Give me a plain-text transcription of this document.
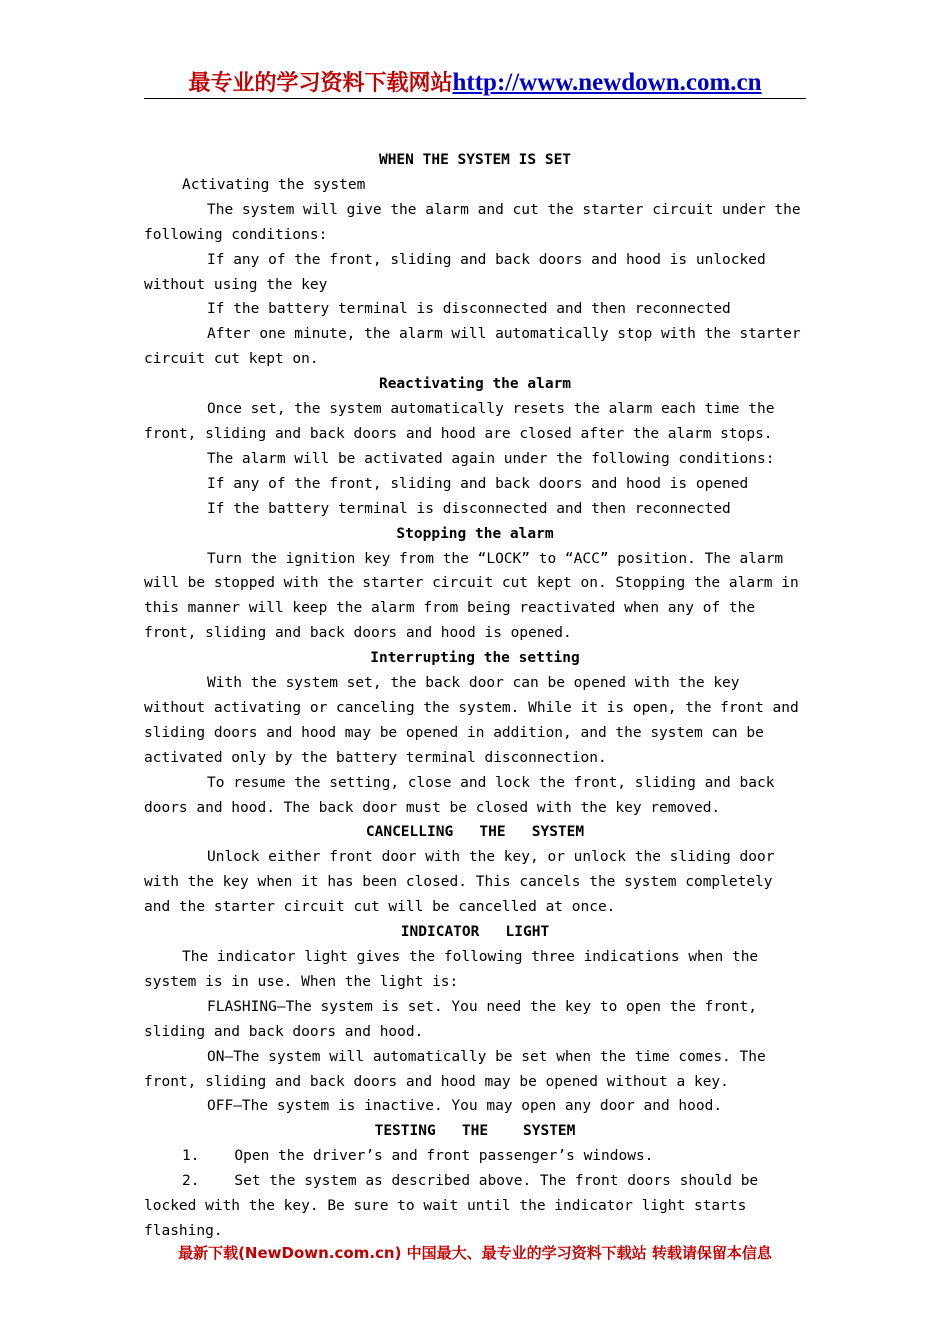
最专业的学习资料下载网站http://www.newdown.com.cn

WHEN THE SYSTEM IS SET

Activating the system

The system will give the alarm and cut the starter circuit under the following conditions:

If any of the front, sliding and back doors and hood is unlocked without using the key

If the battery terminal is disconnected and then reconnected

After one minute, the alarm will automatically stop with the starter circuit cut kept on.

Reactivating the alarm

Once set, the system automatically resets the alarm each time the front, sliding and back doors and hood are closed after the alarm stops.

The alarm will be activated again under the following conditions:

If any of the front, sliding and back doors and hood is opened

If the battery terminal is disconnected and then reconnected

Stopping the alarm

Turn the ignition key from the “LOCK” to “ACC” position. The alarm will be stopped with the starter circuit cut kept on. Stopping the alarm in this manner will keep the alarm from being reactivated when any of the front, sliding and back doors and hood is opened.

Interrupting the setting

With the system set, the back door can be opened with the key without activating or canceling the system. While it is open, the front and sliding doors and hood may be opened in addition, and the system can be activated only by the battery terminal disconnection.

To resume the setting, close and lock the front, sliding and back doors and hood. The back door must be closed with the key removed.

CANCELLING   THE   SYSTEM

Unlock either front door with the key, or unlock the sliding door with the key when it has been closed. This cancels the system completely and the starter circuit cut will be cancelled at once.

INDICATOR   LIGHT

The indicator light gives the following three indications when the system is in use. When the light is:

FLASHING—The system is set. You need the key to open the front, sliding and back doors and hood.

ON—The system will automatically be set when the time comes. The front, sliding and back doors and hood may be opened without a key.

OFF—The system is inactive. You may open any door and hood.

TESTING   THE    SYSTEM

1.    Open the driver’s and front passenger’s windows.

2.    Set the system as described above. The front doors should be locked with the key. Be sure to wait until the indicator light starts flashing.

最新下载(NewDown.com.cn) 中国最大、最专业的学习资料下载站 转载请保留本信息
